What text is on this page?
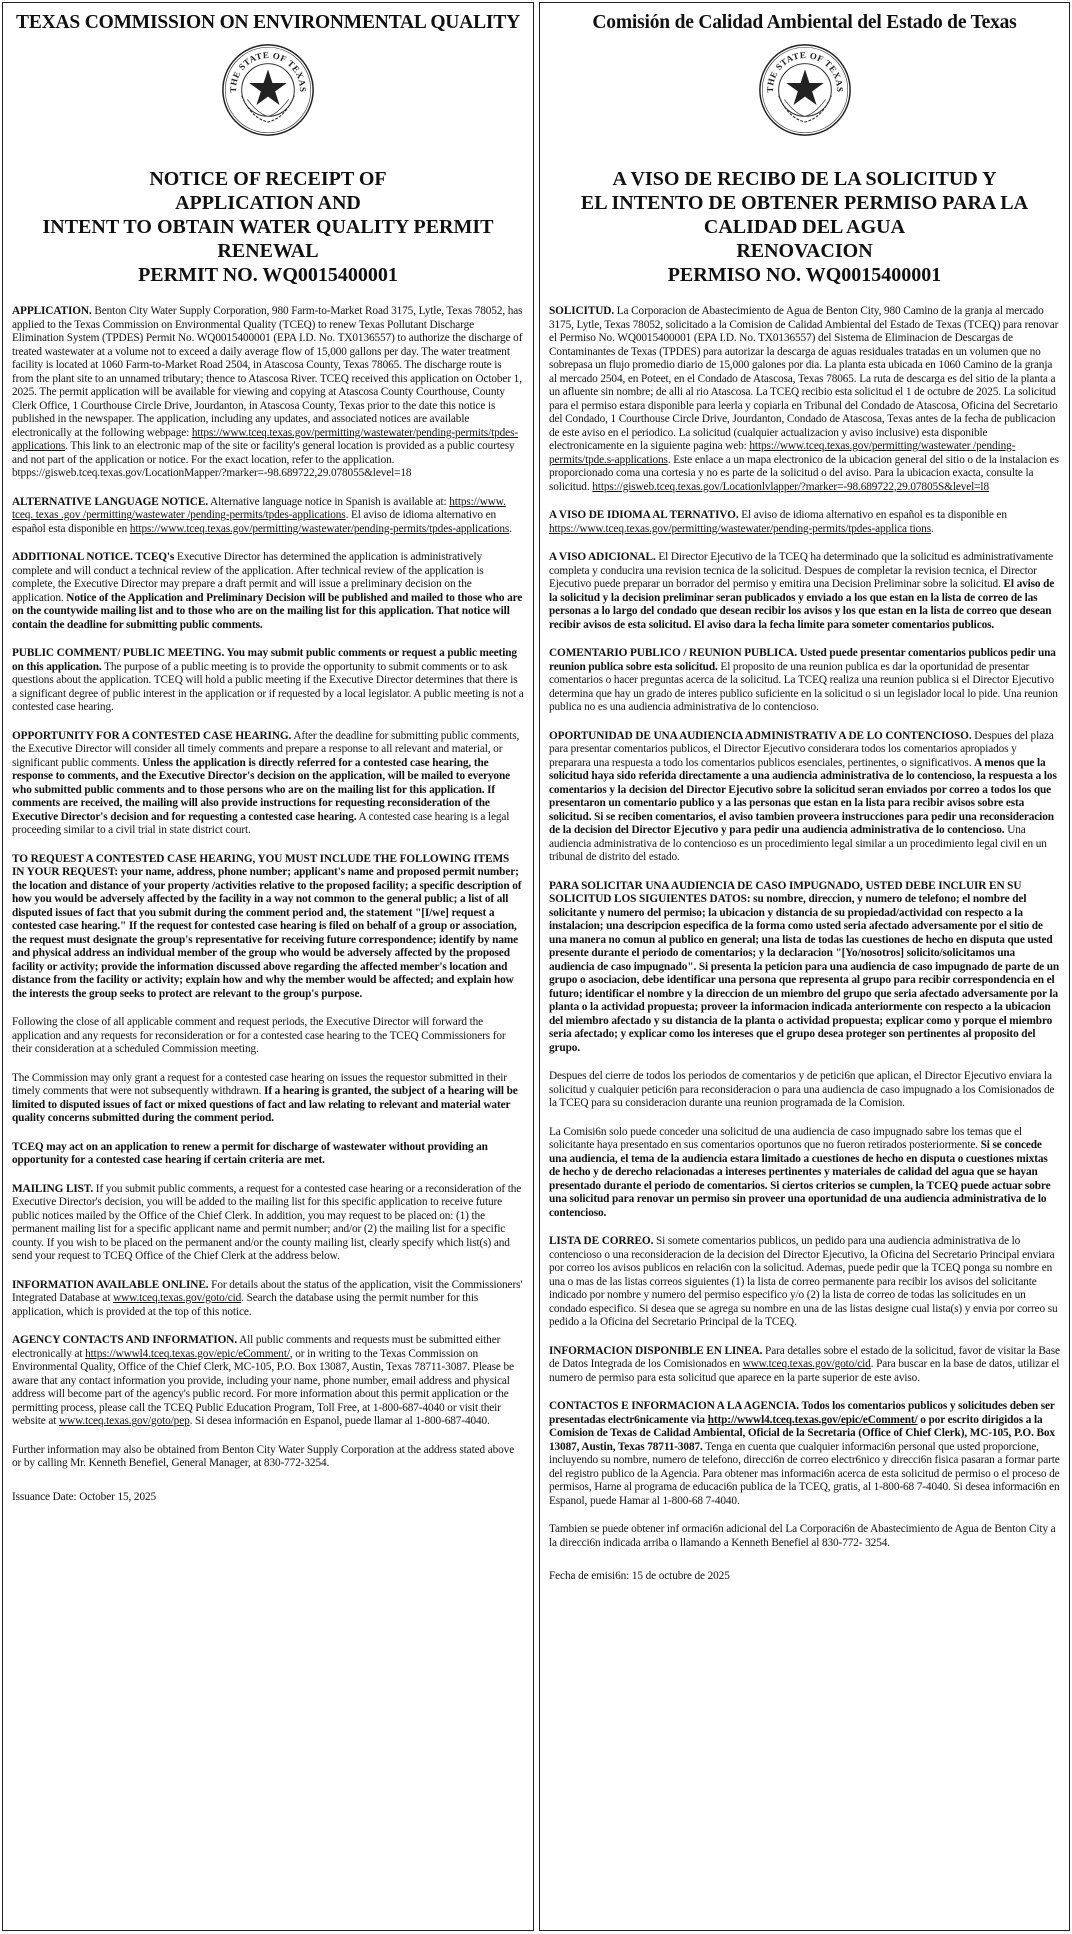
TEXAS COMMISSION ON ENVIRONMENTAL QUALITY
THE STATE OF TEXAS
NOTICE OF RECEIPT OF
APPLICATION AND
INTENT TO OBTAIN WATER QUALITY PERMIT
RENEWAL
PERMIT NO. WQ0015400001

APPLICATION. Benton City Water Supply Corporation, 980 Farm-to-Market Road 3175, Lytle, Texas 78052, has applied to the Texas Commission on Environmental Quality (TCEQ) to renew Texas Pollutant Discharge Elimination System (TPDES) Permit No. WQ0015400001 (EPA I.D. No. TX0136557) to authorize the discharge of treated wastewater at a volume not to exceed a daily average flow of 15,000 gallons per day. The water treatment facility is located at 1060 Farm-to-Market Road 2504, in Atascosa County, Texas 78065. The discharge route is from the plant site to an unnamed tributary; thence to Atascosa River. TCEQ received this application on October 1, 2025. The permit application will be available for viewing and copying at Atascosa County Courthouse, County Clerk Office, 1 Courthouse Circle Drive, Jourdanton, in Atascosa County, Texas prior to the date this notice is published in the newspaper. The application, including any updates, and associated notices are available electronically at the following webpage: https://www.tceq.texas.gov/permitting/wastewater/pending-permits/tpdes-applications. This link to an electronic map of the site or facility's general location is provided as a public courtesy and not part of the application or notice. For the exact location, refer to the application. btpps://gisweb.tceq.texas.gov/LocationMapper/?marker=-98.689722,29.078055&level=18

ALTERNATIVE LANGUAGE NOTICE. Alternative language notice in Spanish is available at: https://www. tceq. texas .gov /permitting/wastewater /pending-permits/tpdes-applications. El aviso de idioma alternativo en español esta disponible en https://www.tceq.texas.gov/permitting/wastewater/pending-permits/tpdes-applications.

ADDITIONAL NOTICE. TCEQ's Executive Director has determined the application is administratively complete and will conduct a technical review of the application. After technical review of the application is complete, the Executive Director may prepare a draft permit and will issue a preliminary decision on the application. Notice of the Application and Preliminary Decision will be published and mailed to those who are on the countywide mailing list and to those who are on the mailing list for this application. That notice will contain the deadline for submitting public comments.

PUBLIC COMMENT/ PUBLIC MEETING. You may submit public comments or request a public meeting on this application. The purpose of a public meeting is to provide the opportunity to submit comments or to ask questions about the application. TCEQ will hold a public meeting if the Executive Director determines that there is a significant degree of public interest in the application or if requested by a local legislator. A public meeting is not a contested case hearing.

OPPORTUNITY FOR A CONTESTED CASE HEARING. After the deadline for submitting public comments, the Executive Director will consider all timely comments and prepare a response to all relevant and material, or significant public comments. Unless the application is directly referred for a contested case hearing, the response to comments, and the Executive Director's decision on the application, will be mailed to everyone who submitted public comments and to those persons who are on the mailing list for this application. If comments are received, the mailing will also provide instructions for requesting reconsideration of the Executive Director's decision and for requesting a contested case hearing. A contested case hearing is a legal proceeding similar to a civil trial in state district court.

TO REQUEST A CONTESTED CASE HEARING, YOU MUST INCLUDE THE FOLLOWING ITEMS IN YOUR REQUEST: your name, address, phone number; applicant's name and proposed permit number; the location and distance of your property /activities relative to the proposed facility; a specific description of how you would be adversely affected by the facility in a way not common to the general public; a list of all disputed issues of fact that you submit during the comment period and, the statement "[I/we] request a contested case hearing." If the request for contested case hearing is filed on behalf of a group or association, the request must designate the group's representative for receiving future correspondence; identify by name and physical address an individual member of the group who would be adversely affected by the proposed facility or activity; provide the information discussed above regarding the affected member's location and distance from the facility or activity; explain how and why the member would be affected; and explain how the interests the group seeks to protect are relevant to the group's purpose.

Following the close of all applicable comment and request periods, the Executive Director will forward the application and any requests for reconsideration or for a contested case hearing to the TCEQ Commissioners for their consideration at a scheduled Commission meeting.

The Commission may only grant a request for a contested case hearing on issues the requestor submitted in their timely comments that were not subsequently withdrawn. If a hearing is granted, the subject of a hearing will be limited to disputed issues of fact or mixed questions of fact and law relating to relevant and material water quality concerns submitted during the comment period.

TCEQ may act on an application to renew a permit for discharge of wastewater without providing an opportunity for a contested case hearing if certain criteria are met.

MAILING LIST. If you submit public comments, a request for a contested case hearing or a reconsideration of the Executive Director's decision, you will be added to the mailing list for this specific application to receive future public notices mailed by the Office of the Chief Clerk. In addition, you may request to be placed on: (1) the permanent mailing list for a specific applicant name and permit number; and/or (2) the mailing list for a specific county. If you wish to be placed on the permanent and/or the county mailing list, clearly specify which list(s) and send your request to TCEQ Office of the Chief Clerk at the address below.

INFORMATION AVAILABLE ONLINE. For details about the status of the application, visit the Commissioners' Integrated Database at www.tceq.texas.gov/goto/cid. Search the database using the permit number for this application, which is provided at the top of this notice.

AGENCY CONTACTS AND INFORMATION. All public comments and requests must be submitted either electronically at https://wwwl4.tceq.texas.gov/epic/eComment/, or in writing to the Texas Commission on Environmental Quality, Office of the Chief Clerk, MC-105, P.O. Box 13087, Austin, Texas 78711-3087. Please be aware that any contact information you provide, including your name, phone number, email address and physical address will become part of the agency's public record. For more information about this permit application or the permitting process, please call the TCEQ Public Education Program, Toll Free, at 1-800-687-4040 or visit their website at www.tceq.texas.gov/goto/pep. Si desea información en Espanol, puede llamar al 1-800-687-4040.

Further information may also be obtained from Benton City Water Supply Corporation at the address stated above or by calling Mr. Kenneth Benefiel, General Manager, at 830-772-3254.

Issuance Date: October 15, 2025
Comisión de Calidad Ambiental del Estado de Texas
THE STATE OF TEXAS
A VISO DE RECIBO DE LA SOLICITUD Y
EL INTENTO DE OBTENER PERMISO PARA LA
CALIDAD DEL AGUA
RENOVACION
PERMISO NO. WQ0015400001

SOLICITUD. La Corporacion de Abastecimiento de Agua de Benton City, 980 Camino de la granja al mercado 3175, Lytle, Texas 78052, solicitado a la Comision de Calidad Ambiental del Estado de Texas (TCEQ) para renovar el Permiso No. WQ0015400001 (EPA I.D. No. TX0136557) del Sistema de Eliminacion de Descargas de Contaminantes de Texas (TPDES) para autorizar la descarga de aguas residuales tratadas en un volumen que no sobrepasa un flujo promedio diario de 15,000 galones por dia. La planta esta ubicada en 1060 Camino de la granja al mercado 2504, en Poteet, en el Condado de Atascosa, Texas 78065. La ruta de descarga es del sitio de la planta a un afluente sin nombre; de alli al rio Atascosa. La TCEQ recibio esta solicitud el 1 de octubre de 2025. La solicitud para el permiso estara disponible para leerla y copiarla en Tribunal del Condado de Atascosa, Oficina del Secretario del Condado, 1 Courthouse Circle Drive, Jourdanton, Condado de Atascosa, Texas antes de la fecha de publicacion de este aviso en el periodico. La solicitud (cualquier actualizacion y aviso inclusive) esta disponible electronicamente en la siguiente pagina web: https://www.tceq.texas.gov/permitting/wastewater /pending-permits/tpde.s-applications. Este enlace a un mapa electronico de la ubicacion general del sitio o de la instalacion es proporcionado coma una cortesia y no es parte de la solicitud o del aviso. Para la ubicacion exacta, consulte la solicitud. https://gisweb.tceq.texas.gov/Locationlvlapper/?marker=-98.689722,29.07805S&level=l8

A VISO DE IDIOMA AL TERNATIVO. El aviso de idioma alternativo en español es ta disponible en https://www.tceq.texas.gov/permitting/wastewater/pending-permits/tpdes-applica tions.

A VISO ADICIONAL. El Director Ejecutivo de la TCEQ ha determinado que la solicitud es administrativamente completa y conducira una revision tecnica de la solicitud. Despues de completar la revision tecnica, el Director Ejecutivo puede preparar un borrador del permiso y emitira una Decision Preliminar sobre la solicitud. El aviso de la solicitud y la decision preliminar seran publicados y enviado a los que estan en la lista de correo de las personas a lo largo del condado que desean recibir los avisos y los que estan en la lista de correo que desean recibir avisos de esta solicitud. El aviso dara la fecha limite para someter comentarios publicos.

COMENTARIO PUBLICO / REUNION PUBLICA. Usted puede presentar comentarios publicos pedir una reunion publica sobre esta solicitud. El proposito de una reunion publica es dar la oportunidad de presentar comentarios o hacer preguntas acerca de la solicitud. La TCEQ realiza una reunion publica si el Director Ejecutivo determina que hay un grado de interes publico suficiente en la solicitud o si un legislador local lo pide. Una reunion publica no es una audiencia administrativa de lo contencioso.

OPORTUNIDAD DE UNA AUDIENCIA ADMINISTRATIV A DE LO CONTENCIOSO. Despues del plaza para presentar comentarios publicos, el Director Ejecutivo considerara todos los comentarios apropiados y preparara una respuesta a todo los comentarios publicos esenciales, pertinentes, o significativos. A menos que la solicitud haya sido referida directamente a una audiencia administrativa de lo contencioso, la respuesta a los comentarios y la decision del Director Ejecutivo sobre la solicitud seran enviados por correo a todos los que presentaron un comentario publico y a las personas que estan en la lista para recibir avisos sobre esta solicitud. Si se reciben comentarios, el aviso tambien proveera instrucciones para pedir una reconsideracion de la decision del Director Ejecutivo y para pedir una audiencia administrativa de lo contencioso. Una audiencia administrativa de lo contencioso es un procedimiento legal similar a un procedimiento legal civil en un tribunal de distrito del estado.

PARA SOLICITAR UNA AUDIENCIA DE CASO IMPUGNADO, USTED DEBE INCLUIR EN SU SOLICITUD LOS SIGUIENTES DATOS: su nombre, direccion, y numero de telefono; el nombre del solicitante y numero del permiso; la ubicacion y distancia de su propiedad/actividad con respecto a la instalacion; una descripcion especifica de la forma como usted seria afectado adversamente por el sitio de una manera no comun al publico en general; una lista de todas las cuestiones de hecho en disputa que usted presente durante el periodo de comentarios; y la declaracion "[Yo/nosotros] solicito/solicitamos una audiencia de caso impugnado". Si presenta la peticion para una audiencia de caso impugnado de parte de un grupo o asociacion, debe identificar una persona que representa al grupo para recibir correspondencia en el futuro; identificar el nombre y la direccion de un miembro del grupo que seria afectado adversamente por la planta o la actividad propuesta; proveer la informacion indicada anteriormente con respecto a la ubicacion del miembro afectado y su distancia de la planta o actividad propuesta; explicar como y porque el miembro seria afectado; y explicar como los intereses que el grupo desea proteger son pertinentes al proposito del grupo.

Despues del cierre de todos los periodos de comentarios y de petici6n que aplican, el Director Ejecutivo enviara la solicitud y cualquier petici6n para reconsideracion o para una audiencia de caso impugnado a los Comisionados de la TCEQ para su consideracion durante una reunion programada de la Comision.

La Comisi6n solo puede conceder una solicitud de una audiencia de caso impugnado sabre los temas que el solicitante haya presentado en sus comentarios oportunos que no fueron retirados posteriormente. Si se concede una audiencia, el tema de la audiencia estara limitado a cuestiones de hecho en disputa o cuestiones mixtas de hecho y de derecho relacionadas a intereses pertinentes y materiales de calidad del agua que se hayan presentado durante el periodo de comentarios. Si ciertos criterios se cumplen, la TCEQ puede actuar sobre una solicitud para renovar un permiso sin proveer una oportunidad de una audiencia administrativa de lo contencioso.

LISTA DE CORREO. Si somete comentarios publicos, un pedido para una audiencia administrativa de lo contencioso o una reconsideracion de la decision del Director Ejecutivo, la Oficina del Secretario Principal enviara por correo los avisos publicos en relaci6n con la solicitud. Ademas, puede pedir que la TCEQ ponga su nombre en una o mas de las listas correos siguientes (1) la lista de correo permanente para recibir los avisos del solicitante indicado por nombre y numero del permiso especifico y/o (2) la lista de correo de todas las solicitudes en un condado especifico. Si desea que se agrega su nombre en una de las listas designe cual lista(s) y envia por correo su pedido a la Oficina del Secretario Principal de la TCEQ.

INFORMACION DISPONIBLE EN LINEA. Para detalles sobre el estado de la solicitud, favor de visitar la Base de Datos Integrada de los Comisionados en www.tceq.texas.gov/goto/cid. Para buscar en la base de datos, utilizar el numero de permiso para esta solicitud que aparece en la parte superior de este aviso.

CONTACTOS E INFORMACION A LA AGENCIA. Todos los comentarios publicos y solicitudes deben ser presentadas electr6nicamente via http://wwwl4.tceq.texas.gov/epic/eComment/ o por escrito dirigidos a la Comision de Texas de Calidad Ambiental, Oficial de la Secretaria (Office of Chief Clerk), MC-105, P.O. Box 13087, Austin, Texas 78711-3087. Tenga en cuenta que cualquier informaci6n personal que usted proporcione, incluyendo su nombre, numero de telefono, direcci6n de correo electr6nico y direcci6n fisica pasaran a formar parte del registro publico de la Agencia. Para obtener mas informaci6n acerca de esta solicitud de permiso o el proceso de permisos, Harne al programa de educaci6n publica de la TCEQ, gratis, al 1-800-68 7-4040. Si desea informaci6n en Espanol, puede Hamar al 1-800-68 7-4040.

Tambien se puede obtener inf ormaci6n adicional del La Corporaci6n de Abastecimiento de Agua de Benton City a la direcci6n indicada arriba o llamando a Kenneth Benefiel al 830-772- 3254.

Fecha de emisi6n: 15 de octubre de 2025
